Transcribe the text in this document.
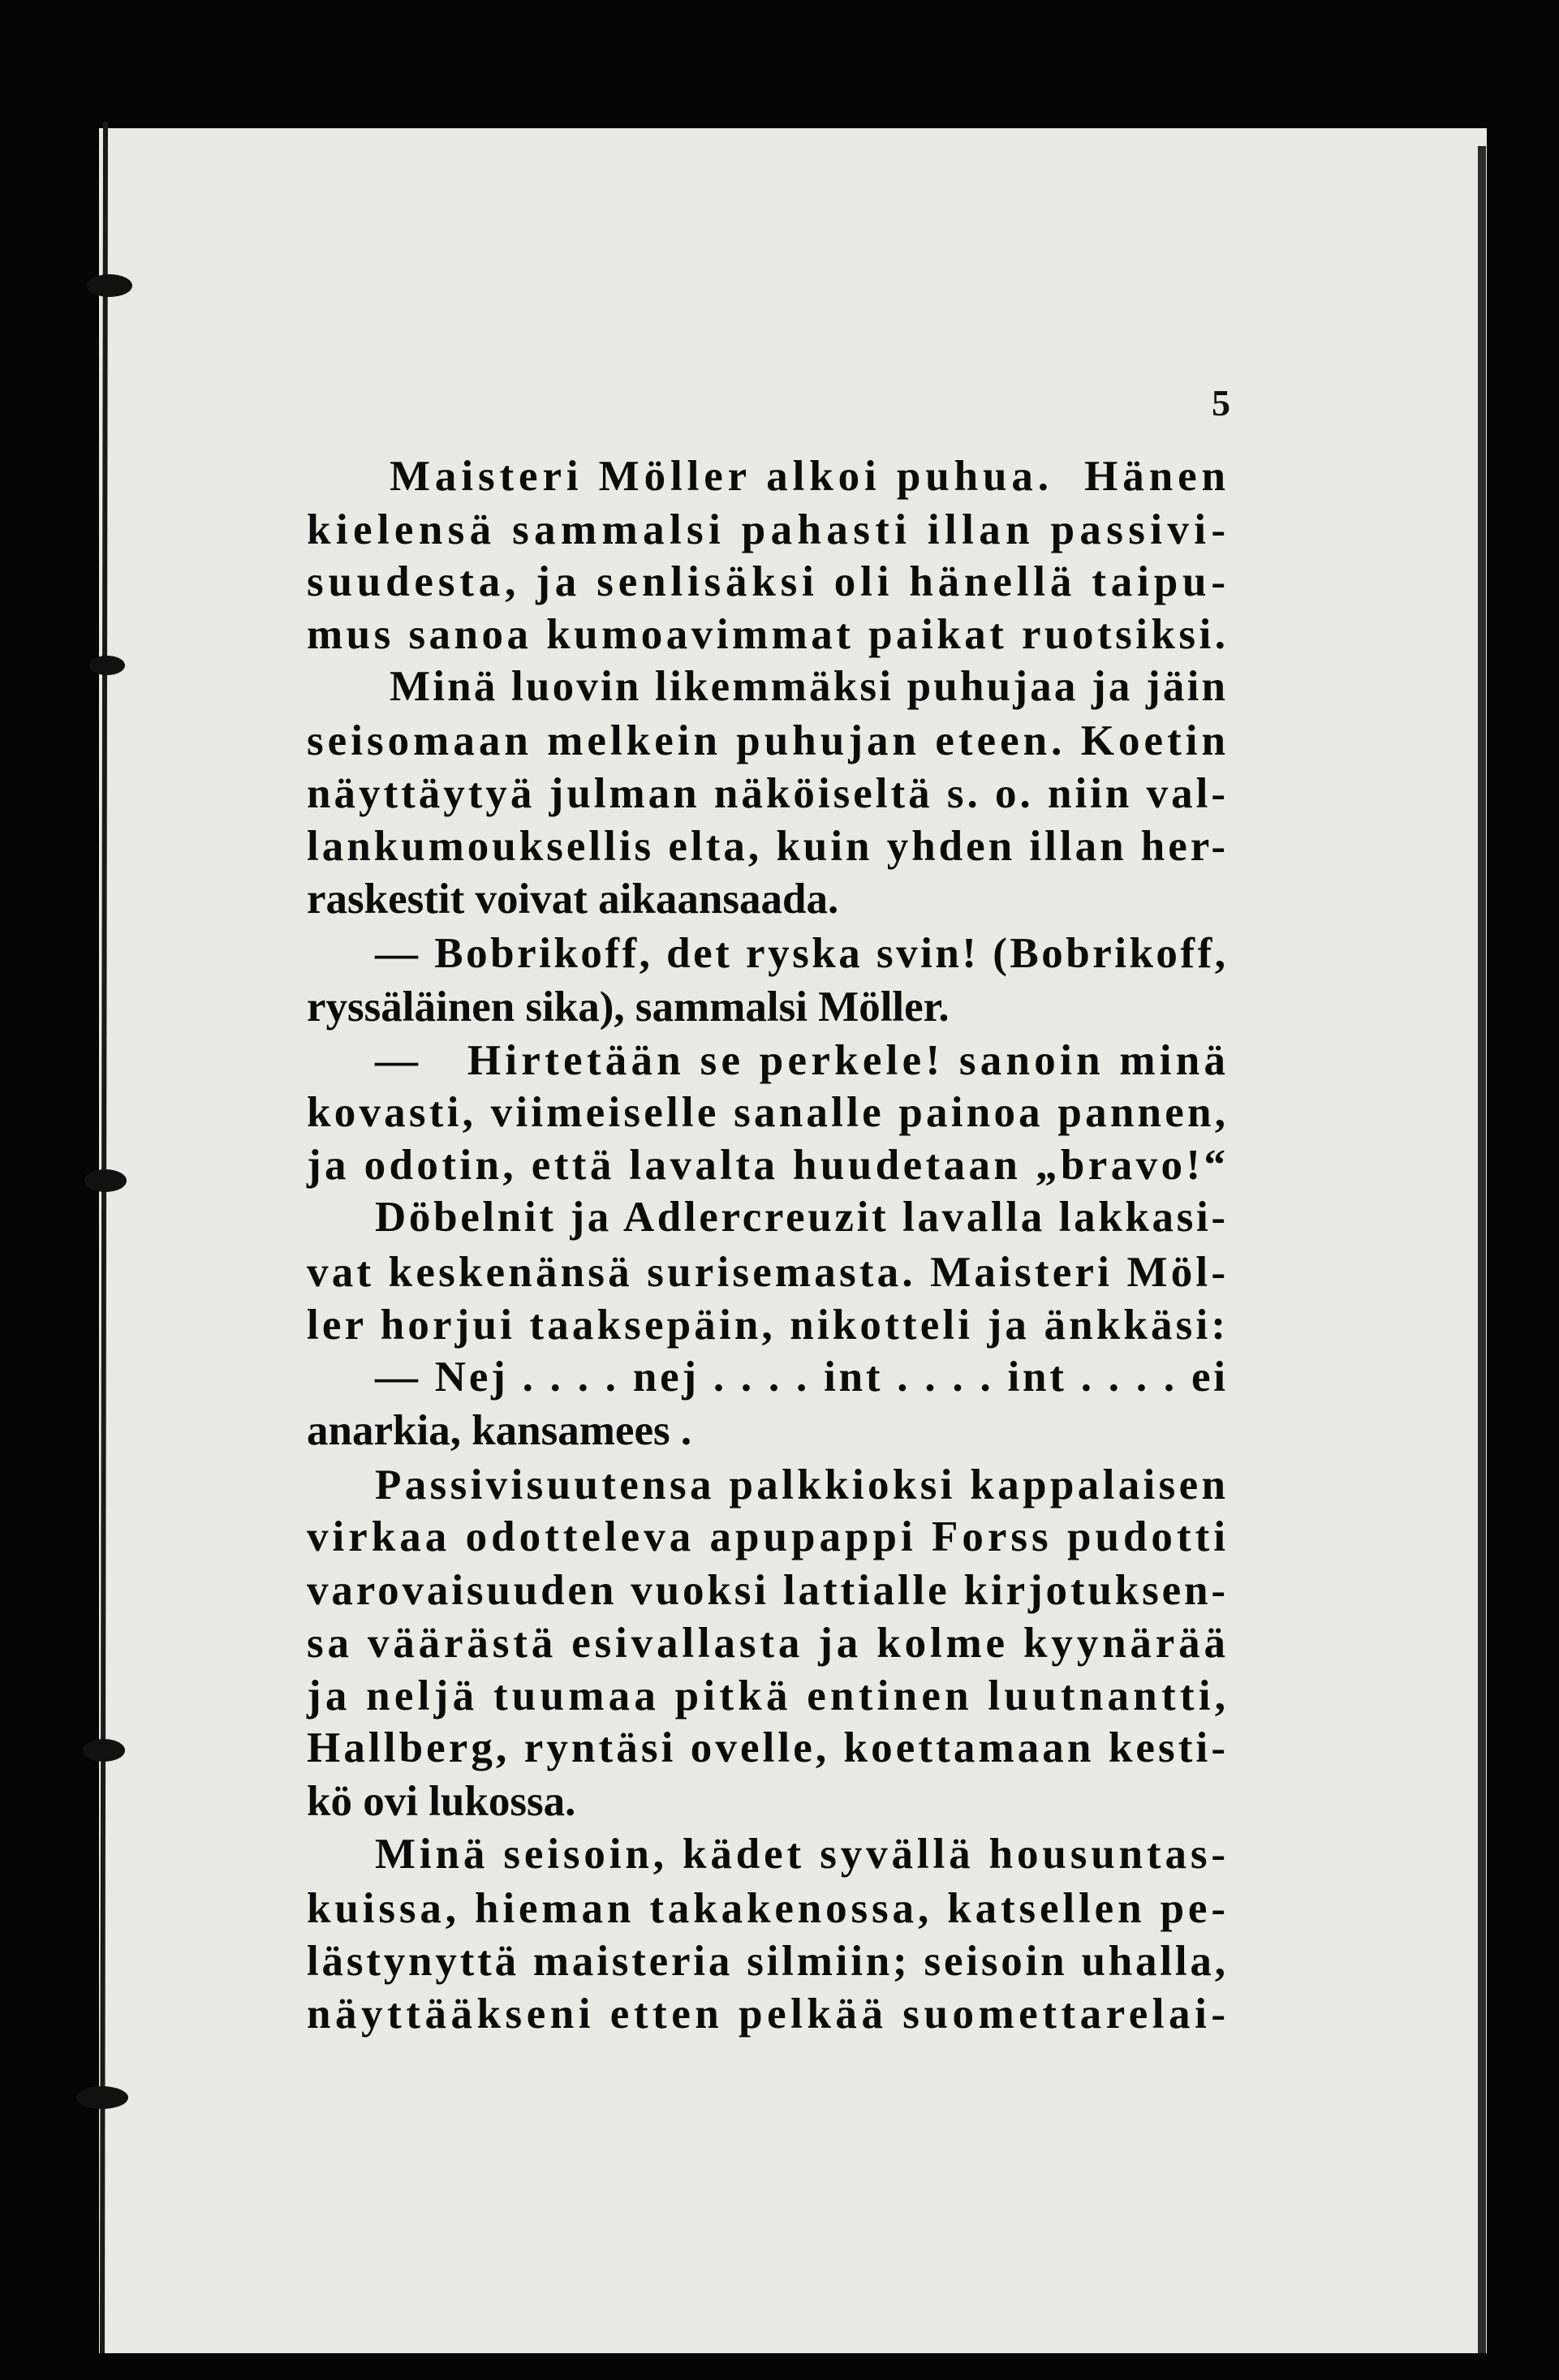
5
Maisteri Möller alkoi puhua.  Hänen
kielensä sammalsi pahasti illan passivi-
suudesta, ja senlisäksi oli hänellä taipu-
mus sanoa kumoavimmat paikat ruotsiksi.
Minä luovin likemmäksi puhujaa ja jäin
seisomaan melkein puhujan eteen. Koetin
näyttäytyä julman näköiseltä s. o. niin val-
lankumouksellis elta, kuin yhden illan her-
raskestit voivat aikaansaada.
— Bobrikoff, det ryska svin! (Bobrikoff,
ryssäläinen sika), sammalsi Möller.
—   Hirtetään se perkele! sanoin minä
kovasti, viimeiselle sanalle painoa pannen,
ja odotin, että lavalta huudetaan „bravo!“
Döbelnit ja Adlercreuzit lavalla lakkasi-
vat keskenänsä surisemasta. Maisteri Möl-
ler horjui taaksepäin, nikotteli ja änkkäsi:
— Nej . . . . nej . . . . int . . . . int . . . . ei
anarkia, kansamees .
Passivisuutensa palkkioksi kappalaisen
virkaa odotteleva apupappi Forss pudotti
varovaisuuden vuoksi lattialle kirjotuksen-
sa väärästä esivallasta ja kolme kyynärää
ja neljä tuumaa pitkä entinen luutnantti,
Hallberg, ryntäsi ovelle, koettamaan kesti-
kö ovi lukossa.
Minä seisoin, kädet syvällä housuntas-
kuissa, hieman takakenossa, katsellen pe-
lästynyttä maisteria silmiin; seisoin uhalla,
näyttääkseni etten pelkää suomettarelai-
